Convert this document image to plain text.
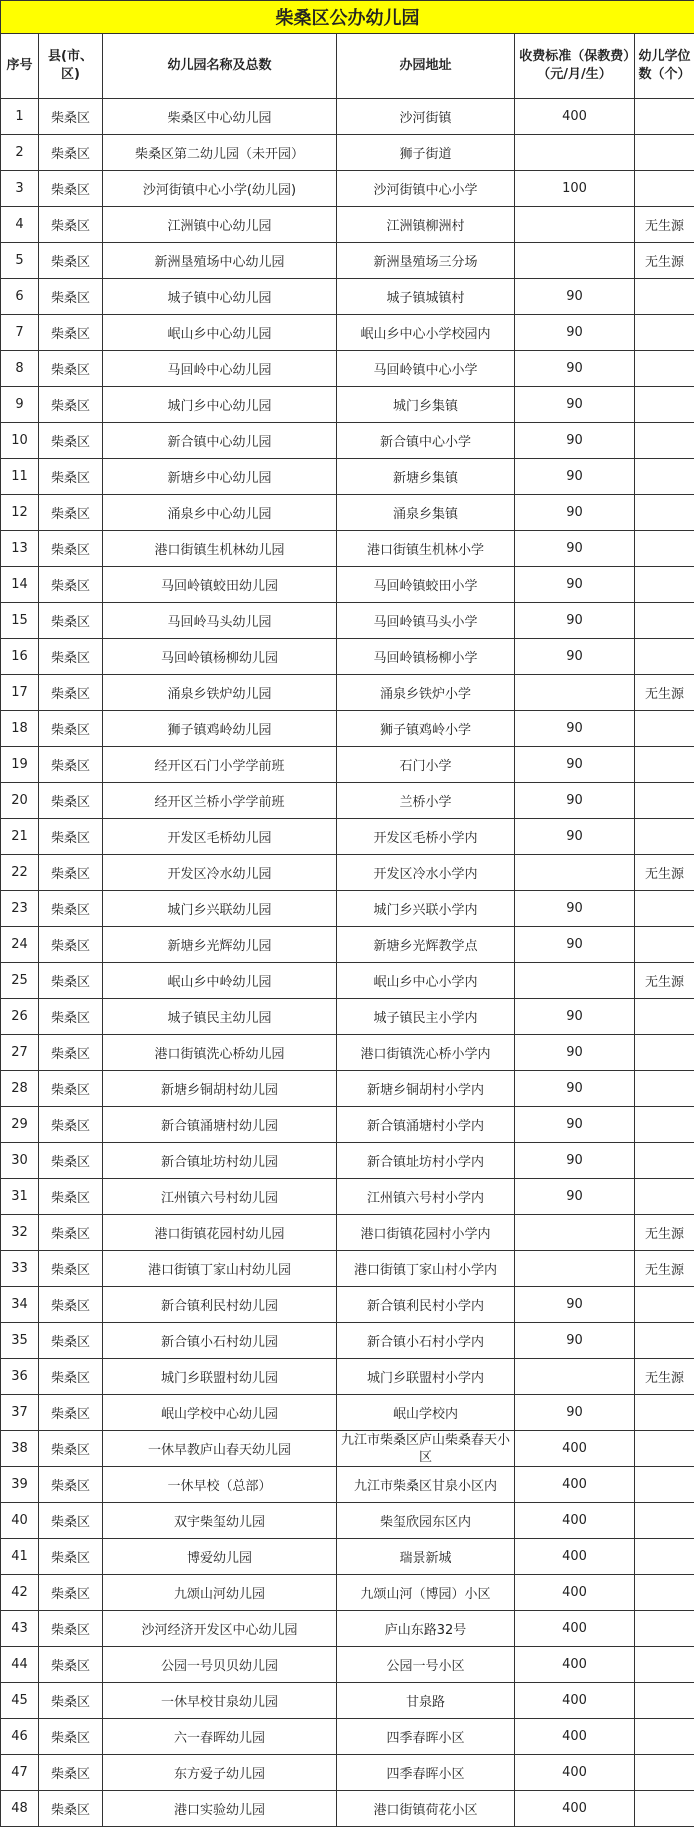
柴桑区公办幼儿园					
序号	县(市、区)	幼儿园名称及总数	办园地址	收费标准（保教费）（元/月/生）	幼儿学位数（个）
1	柴桑区	柴桑区中心幼儿园	沙河街镇	400	
2	柴桑区	柴桑区第二幼儿园（未开园）	狮子街道		
3	柴桑区	沙河街镇中心小学(幼儿园)	沙河街镇中心小学	100	
4	柴桑区	江洲镇中心幼儿园	江洲镇柳洲村		无生源
5	柴桑区	新洲垦殖场中心幼儿园	新洲垦殖场三分场		无生源
6	柴桑区	城子镇中心幼儿园	城子镇城镇村	90	
7	柴桑区	岷山乡中心幼儿园	岷山乡中心小学校园内	90	
8	柴桑区	马回岭中心幼儿园	马回岭镇中心小学	90	
9	柴桑区	城门乡中心幼儿园	城门乡集镇	90	
10	柴桑区	新合镇中心幼儿园	新合镇中心小学	90	
11	柴桑区	新塘乡中心幼儿园	新塘乡集镇	90	
12	柴桑区	涌泉乡中心幼儿园	涌泉乡集镇	90	
13	柴桑区	港口街镇生机林幼儿园	港口街镇生机林小学	90	
14	柴桑区	马回岭镇蛟田幼儿园	马回岭镇蛟田小学	90	
15	柴桑区	马回岭马头幼儿园	马回岭镇马头小学	90	
16	柴桑区	马回岭镇杨柳幼儿园	马回岭镇杨柳小学	90	
17	柴桑区	涌泉乡铁炉幼儿园	涌泉乡铁炉小学		无生源
18	柴桑区	狮子镇鸡岭幼儿园	狮子镇鸡岭小学	90	
19	柴桑区	经开区石门小学学前班	石门小学	90	
20	柴桑区	经开区兰桥小学学前班	兰桥小学	90	
21	柴桑区	开发区毛桥幼儿园	开发区毛桥小学内	90	
22	柴桑区	开发区冷水幼儿园	开发区冷水小学内		无生源
23	柴桑区	城门乡兴联幼儿园	城门乡兴联小学内	90	
24	柴桑区	新塘乡光辉幼儿园	新塘乡光辉教学点	90	
25	柴桑区	岷山乡中岭幼儿园	岷山乡中心小学内		无生源
26	柴桑区	城子镇民主幼儿园	城子镇民主小学内	90	
27	柴桑区	港口街镇洗心桥幼儿园	港口街镇洗心桥小学内	90	
28	柴桑区	新塘乡铜胡村幼儿园	新塘乡铜胡村小学内	90	
29	柴桑区	新合镇涌塘村幼儿园	新合镇涌塘村小学内	90	
30	柴桑区	新合镇址坊村幼儿园	新合镇址坊村小学内	90	
31	柴桑区	江州镇六号村幼儿园	江州镇六号村小学内	90	
32	柴桑区	港口街镇花园村幼儿园	港口街镇花园村小学内		无生源
33	柴桑区	港口街镇丁家山村幼儿园	港口街镇丁家山村小学内		无生源
34	柴桑区	新合镇利民村幼儿园	新合镇利民村小学内	90	
35	柴桑区	新合镇小石村幼儿园	新合镇小石村小学内	90	
36	柴桑区	城门乡联盟村幼儿园	城门乡联盟村小学内		无生源
37	柴桑区	岷山学校中心幼儿园	岷山学校内	90	
38	柴桑区	一休早教庐山春天幼儿园	九江市柴桑区庐山柴桑春天小区	400	
39	柴桑区	一休早校（总部）	九江市柴桑区甘泉小区内	400	
40	柴桑区	双宇柴玺幼儿园	柴玺欣园东区内	400	
41	柴桑区	博爱幼儿园	瑞景新城	400	
42	柴桑区	九颂山河幼儿园	九颂山河（博园）小区	400	
43	柴桑区	沙河经济开发区中心幼儿园	庐山东路32号	400	
44	柴桑区	公园一号贝贝幼儿园	公园一号小区	400	
45	柴桑区	一休早校甘泉幼儿园	甘泉路	400	
46	柴桑区	六一春晖幼儿园	四季春晖小区	400	
47	柴桑区	东方爱子幼儿园	四季春晖小区	400	
48	柴桑区	港口实验幼儿园	港口街镇荷花小区	400	
